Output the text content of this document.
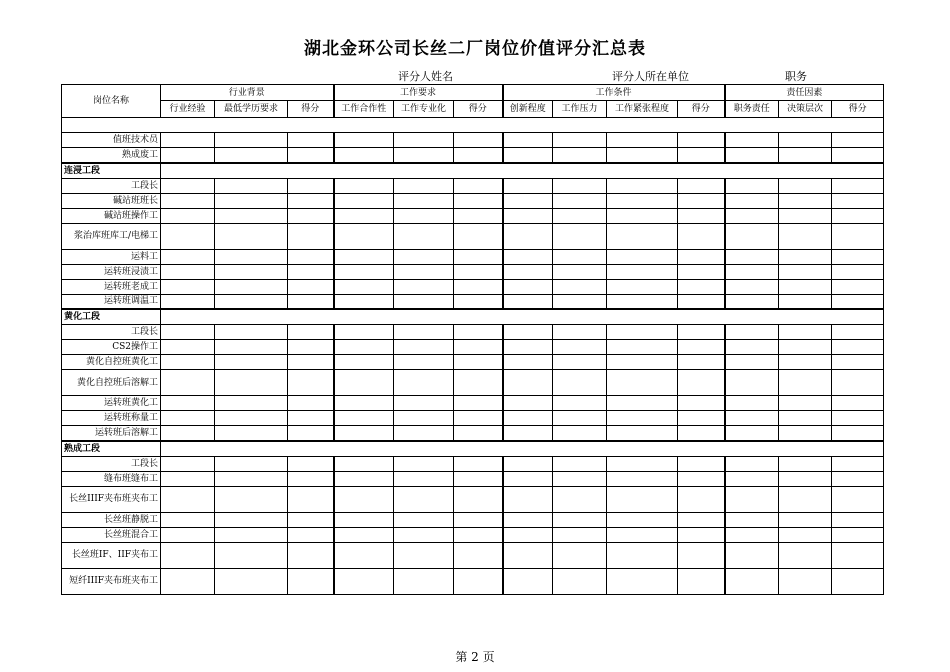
湖北金环公司长丝二厂岗位价值评分汇总表
评分人姓名	评分人所在单位	职务
岗位名称	行业背景			工作要求			工作条件				责任因素		
	行业经验	最低学历要求	得分	工作合作性	工作专业化	得分	创新程度	工作压力	工作紧张程度	得分	职务责任	决策层次	得分

值班技术员													
熟成废工													
连浸工段													
工段长													
碱站班班长													
碱站班操作工													
浆治库班库工/电梯工													
运料工													
运转班浸渍工													
运转班老成工													
运转班调温工													
黄化工段													
工段长													
CS2操作工													
黄化自控班黄化工													
黄化自控班后溶解工													
运转班黄化工													
运转班称量工													
运转班后溶解工													
熟成工段													
工段长													
缝布班缝布工													
长丝IIIF夹布班夹布工													
长丝班静脱工													
长丝班混合工													
长丝班IF、IIF夹布工													
短纤IIIF夹布班夹布工													
第 2 页
